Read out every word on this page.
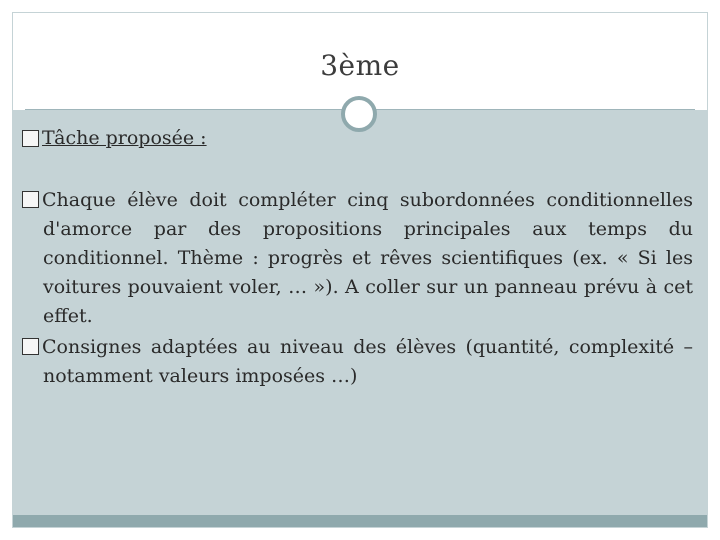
3ème
Tâche proposée :
Chaque élève doit compléter cinq subordonnées conditionnelles d'amorce par des propositions principales aux temps du conditionnel. Thème : progrès et rêves scientifiques (ex. « Si les voitures pouvaient voler, … »). A coller sur un panneau prévu à cet effet.
Consignes adaptées au niveau des élèves (quantité, complexité – notamment valeurs imposées …)
